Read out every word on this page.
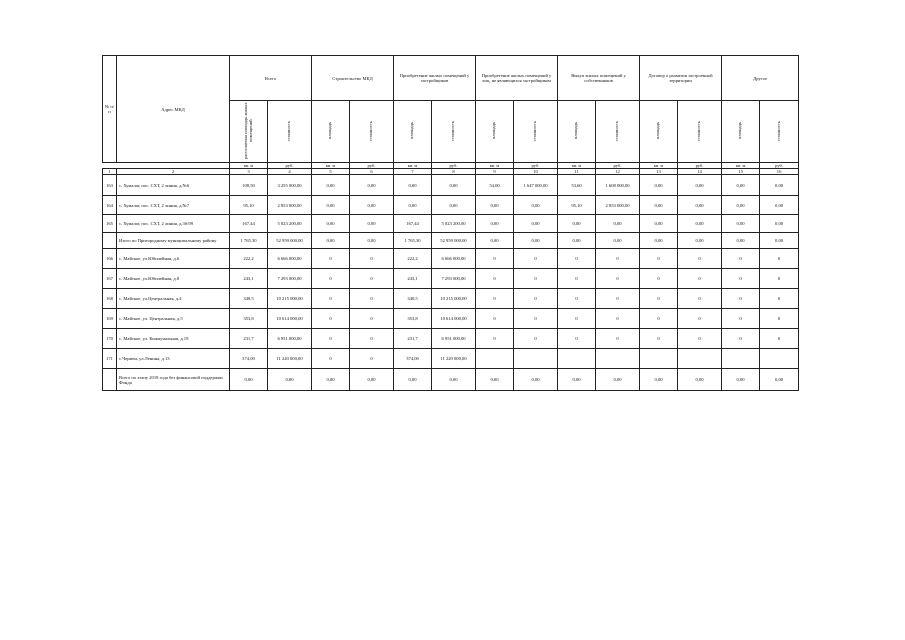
№ п/п	Адрес МКД	Всего		Строительство МКД		Приобретение жилых помещений у застройщиков		Приобретение жилых помещений у лиц, не являющихся застройщиком		Выкуп жилых помещений у собственников		Договор о развитии застроенной территории		Другое	
		расселяемая площадь жилых помещений	стоимость	площадь	стоимость	площадь	стоимость	площадь	стоимость	площадь	стоимость	площадь	стоимость	площадь	стоимость
		кв. м	руб.	кв. м	руб.	кв. м	руб.	кв. м	руб.	кв. м	руб.	кв. м	руб.	кв. м	руб.
1	2	3	4	5	6	7	8	9	10	11	12	13	14	15	16
163	с. Хумалаг, пос. СХТ, 2 линия, д.№6	108,50	3 255 000,00	0,00	0,00	0,00	0,00	54,00	1 647 000,00	53,60	1 608 000,00	0,00	0,00	0,00	0,00
164	с. Хумалаг, пос. СХТ, 2 линия, д.№7	95,10	2 853 000,00	0,00	0,00	0,00	0,00	0,00	0,00	95,10	2 853 000,00	0,00	0,00	0,00	0,00
165	с. Хумалаг, пос. СХТ, 2 линия, д.3б/09	167,44	5 023 200,00	0,00	0,00	167,44	5 023 200,00	0,00	0,00	0,00	0,00	0,00	0,00	0,00	0,00
	Итого по Пригородному муниципальному району	1 765,30	52 959 000,00	0,00	0,00	1 765,30	52 959 000,00	0,00	0,00	0,00	0,00	0,00	0,00	0,00	0,00
166	с. Майское, ул.Юбилейная, д.6	222,2	6 666 000,00	0	0	222,2	6 666 000,00	0	0	0	0	0	0	0	0
167	с. Майское, ул.Юбилейная, д.8	243,1	7 293 000,00	0	0	243,1	7 293 000,00	0	0	0	0	0	0	0	0
168	с. Майское, ул.Центральная, д.4	340,5	10 215 000,00	0	0	340,5	10 215 000,00	0	0	0	0	0	0	0	0
169	с. Майское, ул. Центральная, д.5	353,8	10 614 000,00	0	0	353,8	10 614 000,00	0	0	0	0	0	0	0	0
170	с. Майское, ул. Коммунальная, д.19	231,7	6 951 000,00	0	0	231,7	6 951 000,00	0	0	0	0	0	0	0	0
171	с.Чермен, ул.Ленина, д.13	374,00	11 220 000,00	0	0	374,00	11 220 000,00								
	Всего по этапу 2018 года без финансовой поддержки Фонда	0,00	0,00	0,00	0,00	0,00	0,00	0,00	0,00	0,00	0,00	0,00	0,00	0,00	0,00
